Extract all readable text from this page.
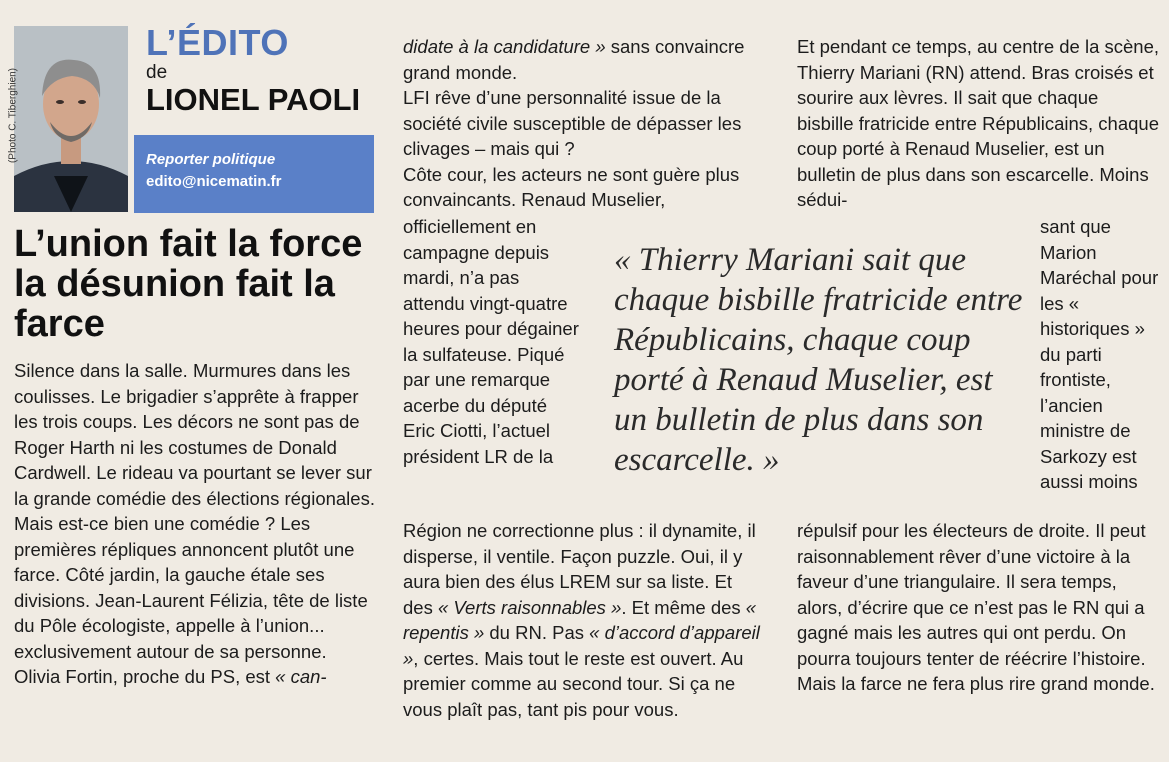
(Photo C. Tiberghien)
L’ÉDITO
de
LIONEL PAOLI
Reporter politique
edito@nicematin.fr
L’union fait la force la désunion fait la farce

Silence dans la salle. Murmures dans les coulisses. Le brigadier s’apprête à frapper les trois coups. Les décors ne sont pas de Roger Harth ni les costumes de Donald Cardwell. Le rideau va pourtant se lever sur la grande comédie des élections régionales. Mais est-ce bien une comédie ? Les premières répliques annoncent plutôt une farce. Côté jardin, la gauche étale ses divisions. Jean-Laurent Félizia, tête de liste du Pôle écologiste, appelle à l’union... exclusivement autour de sa personne.

Olivia Fortin, proche du PS, est « can-

didate à la candidature » sans convaincre grand monde.

LFI rêve d’une personnalité issue de la société civile susceptible de dépasser les clivages – mais qui ?

Côte cour, les acteurs ne sont guère plus convaincants. Renaud Muselier,

officiellement en campagne depuis mardi, n’a pas attendu vingt-quatre heures pour dégainer la sulfateuse. Piqué par une remarque acerbe du député Eric Ciotti, l’actuel président LR de la

Région ne correctionne plus : il dynamite, il disperse, il ventile. Façon puzzle. Oui, il y aura bien des élus LREM sur sa liste. Et des « Verts raisonnables ». Et même des « repentis » du RN. Pas « d’accord d’appareil », certes. Mais tout le reste est ouvert. Au premier comme au second tour. Si ça ne vous plaît pas, tant pis pour vous.

« Thierry Mariani sait que chaque bisbille fratricide entre Républicains, chaque coup porté à Renaud Muselier, est un bulletin de plus dans son escarcelle. »

Et pendant ce temps, au centre de la scène, Thierry Mariani (RN) attend. Bras croisés et sourire aux lèvres. Il sait que chaque bisbille fratricide entre Républicains, chaque coup porté à Renaud Muselier, est un bulletin de plus dans son escarcelle. Moins sédui-

sant que Marion Maréchal pour les « historiques » du parti frontiste, l’ancien ministre de Sarkozy est aussi moins

répulsif pour les électeurs de droite. Il peut raisonnablement rêver d’une victoire à la faveur d’une triangulaire. Il sera temps, alors, d’écrire que ce n’est pas le RN qui a gagné mais les autres qui ont perdu. On pourra toujours tenter de réécrire l’histoire. Mais la farce ne fera plus rire grand monde.
